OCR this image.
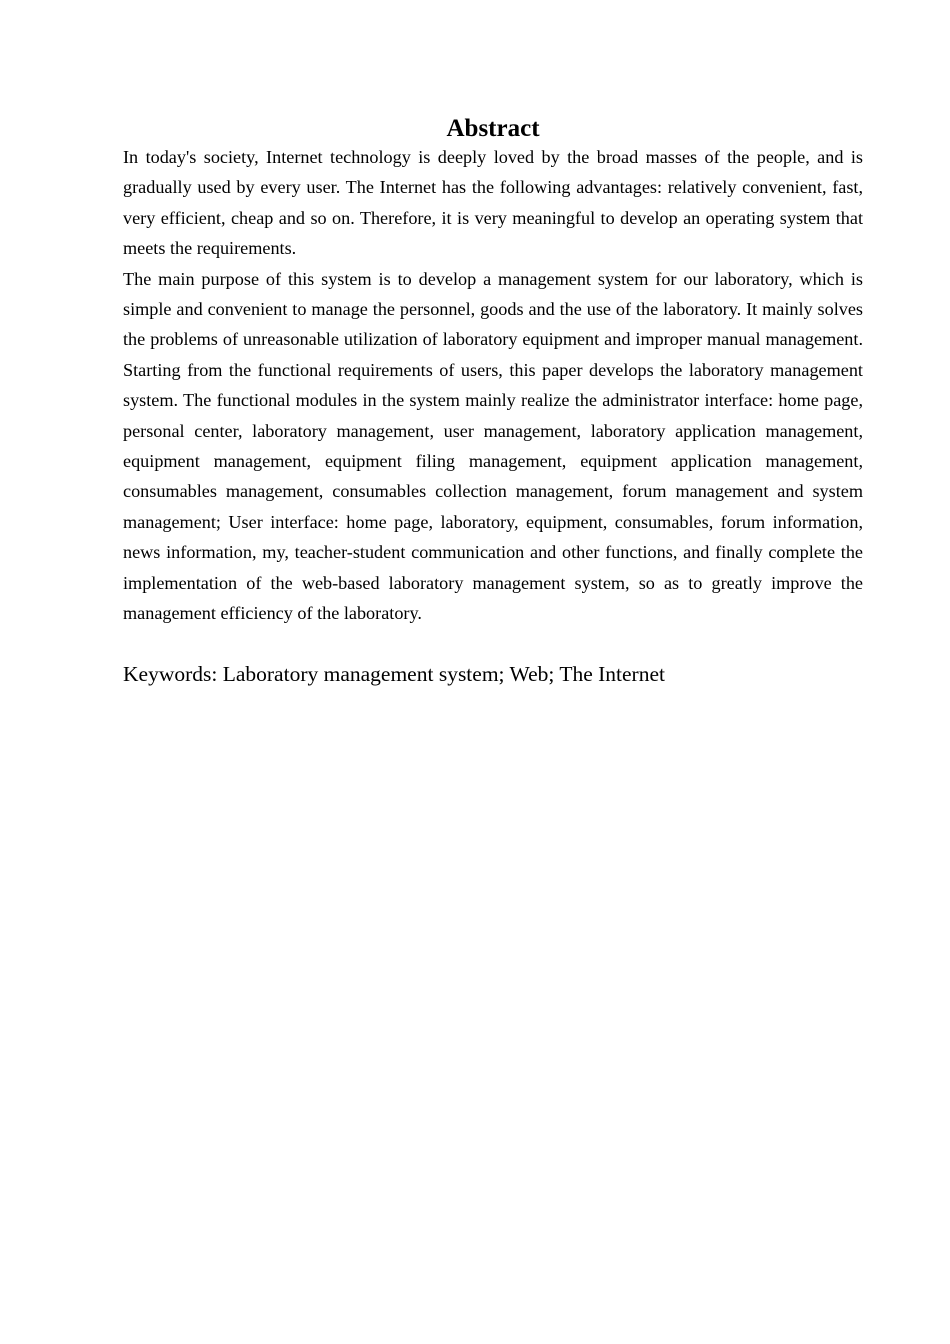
Abstract

In today's society, Internet technology is deeply loved by the broad masses of the people, and is gradually used by every user. The Internet has the following advantages: relatively convenient, fast, very efficient, cheap and so on. Therefore, it is very meaningful to develop an operating system that meets the requirements.

The main purpose of this system is to develop a management system for our laboratory, which is simple and convenient to manage the personnel, goods and the use of the laboratory. It mainly solves the problems of unreasonable utilization of laboratory equipment and improper manual management. Starting from the functional requirements of users, this paper develops the laboratory management system. The functional modules in the system mainly realize the administrator interface: home page, personal center, laboratory management, user management, laboratory application management, equipment management, equipment filing management, equipment application management, consumables management, consumables collection management, forum management and system management; User interface: home page, laboratory, equipment, consumables, forum information, news information, my, teacher-student communication and other functions, and finally complete the implementation of the web-based laboratory management system, so as to greatly improve the management efficiency of the laboratory.

Keywords: Laboratory management system; Web; The Internet
